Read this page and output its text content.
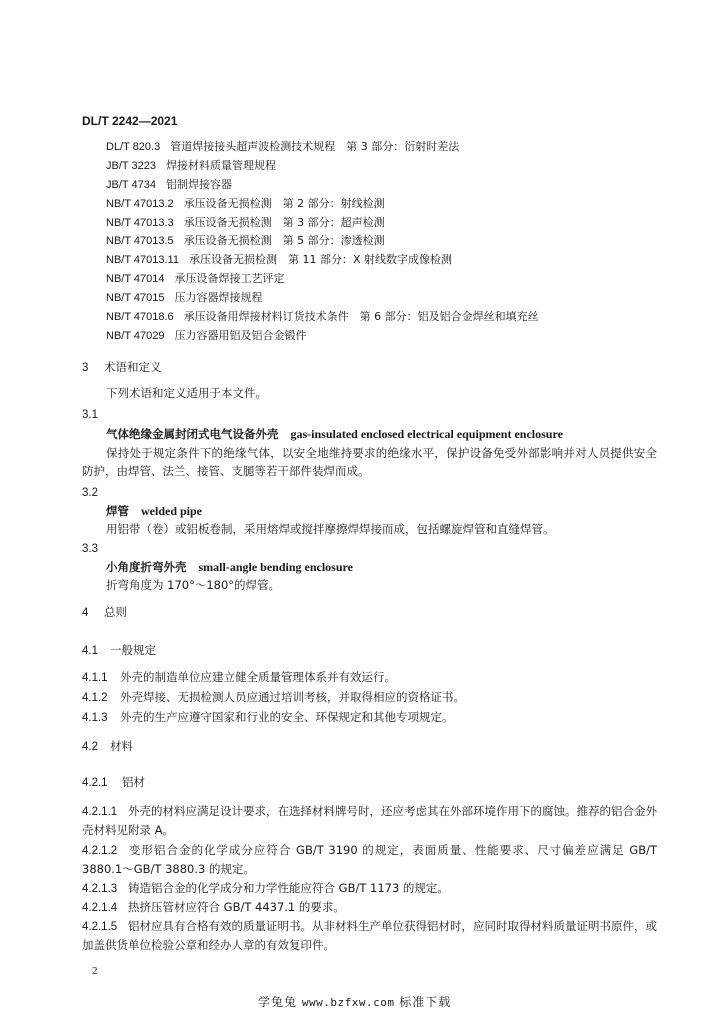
DL/T 2242—2021
DL/T 820.3 管道焊接接头超声波检测技术规程　第 3 部分：衍射时差法
JB/T 3223 焊接材料质量管理规程
JB/T 4734 铝制焊接容器
NB/T 47013.2 承压设备无损检测　第 2 部分：射线检测
NB/T 47013.3 承压设备无损检测　第 3 部分：超声检测
NB/T 47013.5 承压设备无损检测　第 5 部分：渗透检测
NB/T 47013.11 承压设备无损检测　第 11 部分：X 射线数字成像检测
NB/T 47014 承压设备焊接工艺评定
NB/T 47015 压力容器焊接规程
NB/T 47018.6 承压设备用焊接材料订货技术条件　第 6 部分：铝及铝合金焊丝和填充丝
NB/T 47029 压力容器用铝及铝合金锻件
3 术语和定义
下列术语和定义适用于本文件。
3.1
气体绝缘金属封闭式电气设备外壳 gas-insulated enclosed electrical equipment enclosure
保持处于规定条件下的绝缘气体，以安全地维持要求的绝缘水平，保护设备免受外部影响并对人员提供安全防护，由焊管、法兰、接管、支腿等若干部件装焊而成。
3.2
焊管 welded pipe
用铝带（卷）或铝板卷制，采用熔焊或搅拌摩擦焊焊接而成，包括螺旋焊管和直缝焊管。
3.3
小角度折弯外壳 small-angle bending enclosure
折弯角度为 170°～180°的焊管。
4 总则
4.1 一般规定
4.1.1 外壳的制造单位应建立健全质量管理体系并有效运行。
4.1.2 外壳焊接、无损检测人员应通过培训考核，并取得相应的资格证书。
4.1.3 外壳的生产应遵守国家和行业的安全、环保规定和其他专项规定。
4.2 材料
4.2.1 铝材
4.2.1.1 外壳的材料应满足设计要求，在选择材料牌号时，还应考虑其在外部环境作用下的腐蚀。推荐的铝合金外壳材料见附录 A。
4.2.1.2 变形铝合金的化学成分应符合 GB/T 3190 的规定，表面质量、性能要求、尺寸偏差应满足 GB/T 3880.1～GB/T 3880.3 的规定。
4.2.1.3 铸造铝合金的化学成分和力学性能应符合 GB/T 1173 的规定。
4.2.1.4 热挤压管材应符合 GB/T 4437.1 的要求。
4.2.1.5 铝材应具有合格有效的质量证明书。从非材料生产单位获得铝材时，应同时取得材料质量证明书原件，或加盖供货单位检验公章和经办人章的有效复印件。
2
学兔兔 www.bzfxw.com 标准下载
